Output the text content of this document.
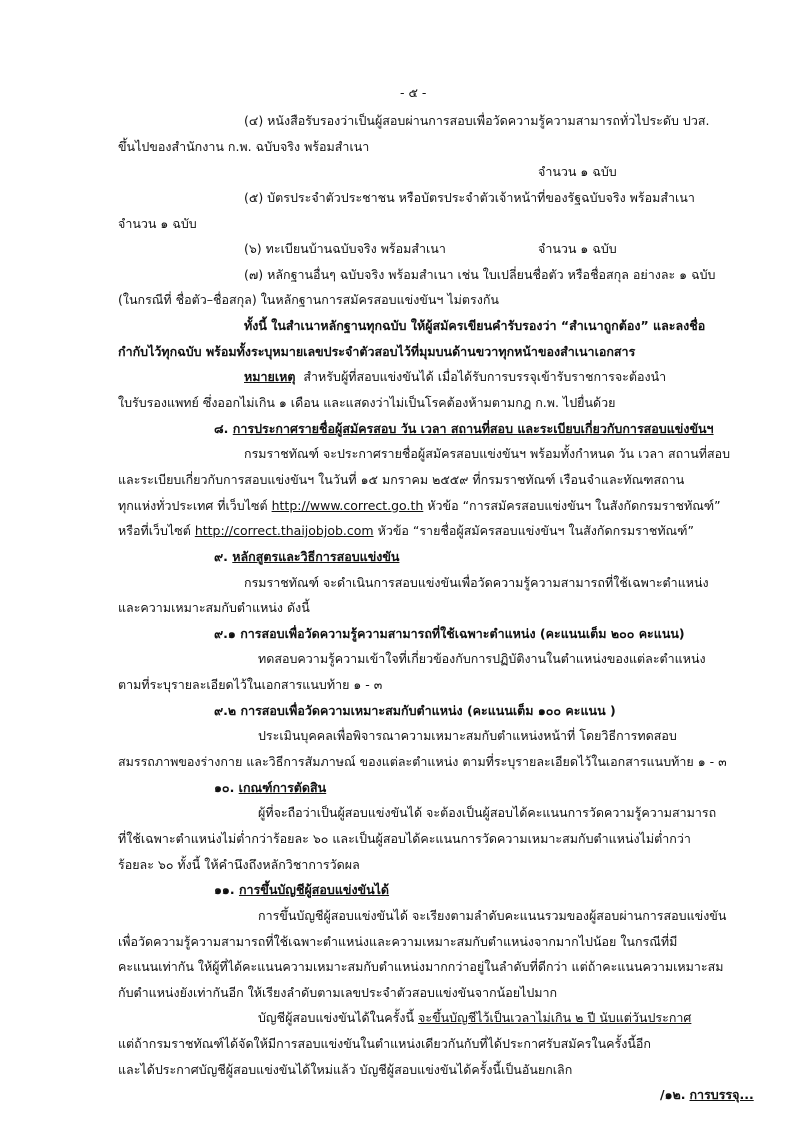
- ๕ -
(๔) หนังสือรับรองว่าเป็นผู้สอบผ่านการสอบเพื่อวัดความรู้ความสามารถทั่วไประดับ ปวส.
ขึ้นไปของสำนักงาน ก.พ. ฉบับจริง พร้อมสำเนา
จำนวน ๑ ฉบับ
(๕) บัตรประจำตัวประชาชน หรือบัตรประจำตัวเจ้าหน้าที่ของรัฐฉบับจริง พร้อมสำเนา
จำนวน ๑ ฉบับ
(๖) ทะเบียนบ้านฉบับจริง พร้อมสำเนา	จำนวน ๑ ฉบับ
(๗) หลักฐานอื่นๆ ฉบับจริง พร้อมสำเนา เช่น ใบเปลี่ยนชื่อตัว หรือชื่อสกุล อย่างละ ๑ ฉบับ
(ในกรณีที่ ชื่อตัว–ชื่อสกุล) ในหลักฐานการสมัครสอบแข่งขันฯ ไม่ตรงกัน
ทั้งนี้ ในสำเนาหลักฐานทุกฉบับ ให้ผู้สมัครเขียนคำรับรองว่า “สำเนาถูกต้อง” และลงชื่อ
กำกับไว้ทุกฉบับ พร้อมทั้งระบุหมายเลขประจำตัวสอบไว้ที่มุมบนด้านขวาทุกหน้าของสำเนาเอกสาร
หมายเหตุ สำหรับผู้ที่สอบแข่งขันได้ เมื่อได้รับการบรรจุเข้ารับราชการจะต้องนำ
ใบรับรองแพทย์ ซึ่งออกไม่เกิน ๑ เดือน และแสดงว่าไม่เป็นโรคต้องห้ามตามกฎ ก.พ. ไปยื่นด้วย
๘. การประกาศรายชื่อผู้สมัครสอบ วัน เวลา สถานที่สอบ และระเบียบเกี่ยวกับการสอบแข่งขันฯ
กรมราชทัณฑ์ จะประกาศรายชื่อผู้สมัครสอบแข่งขันฯ พร้อมทั้งกำหนด วัน เวลา สถานที่สอบ
และระเบียบเกี่ยวกับการสอบแข่งขันฯ ในวันที่ ๑๕ มกราคม ๒๕๕๙ ที่กรมราชทัณฑ์ เรือนจำและทัณฑสถาน
ทุกแห่งทั่วประเทศ ที่เว็บไซต์ http://www.correct.go.th หัวข้อ “การสมัครสอบแข่งขันฯ ในสังกัดกรมราชทัณฑ์”
หรือที่เว็บไซต์ http://correct.thaijobjob.com หัวข้อ “รายชื่อผู้สมัครสอบแข่งขันฯ ในสังกัดกรมราชทัณฑ์”
๙. หลักสูตรและวิธีการสอบแข่งขัน
กรมราชทัณฑ์ จะดำเนินการสอบแข่งขันเพื่อวัดความรู้ความสามารถที่ใช้เฉพาะตำแหน่ง
และความเหมาะสมกับตำแหน่ง ดังนี้
๙.๑ การสอบเพื่อวัดความรู้ความสามารถที่ใช้เฉพาะตำแหน่ง (คะแนนเต็ม ๒๐๐ คะแนน)
ทดสอบความรู้ความเข้าใจที่เกี่ยวข้องกับการปฏิบัติงานในตำแหน่งของแต่ละตำแหน่ง
ตามที่ระบุรายละเอียดไว้ในเอกสารแนบท้าย ๑ - ๓
๙.๒ การสอบเพื่อวัดความเหมาะสมกับตำแหน่ง (คะแนนเต็ม ๑๐๐ คะแนน )
ประเมินบุคคลเพื่อพิจารณาความเหมาะสมกับตำแหน่งหน้าที่ โดยวิธีการทดสอบ
สมรรถภาพของร่างกาย และวิธีการสัมภาษณ์ ของแต่ละตำแหน่ง ตามที่ระบุรายละเอียดไว้ในเอกสารแนบท้าย ๑ - ๓
๑๐. เกณฑ์การตัดสิน
ผู้ที่จะถือว่าเป็นผู้สอบแข่งขันได้ จะต้องเป็นผู้สอบได้คะแนนการวัดความรู้ความสามารถ
ที่ใช้เฉพาะตำแหน่งไม่ต่ำกว่าร้อยละ ๖๐ และเป็นผู้สอบได้คะแนนการวัดความเหมาะสมกับตำแหน่งไม่ต่ำกว่า
ร้อยละ ๖๐ ทั้งนี้ ให้คำนึงถึงหลักวิชาการวัดผล
๑๑. การขึ้นบัญชีผู้สอบแข่งขันได้
การขึ้นบัญชีผู้สอบแข่งขันได้ จะเรียงตามลำดับคะแนนรวมของผู้สอบผ่านการสอบแข่งขัน
เพื่อวัดความรู้ความสามารถที่ใช้เฉพาะตำแหน่งและความเหมาะสมกับตำแหน่งจากมากไปน้อย ในกรณีที่มี
คะแนนเท่ากัน ให้ผู้ที่ได้คะแนนความเหมาะสมกับตำแหน่งมากกว่าอยู่ในลำดับที่ดีกว่า แต่ถ้าคะแนนความเหมาะสม
กับตำแหน่งยังเท่ากันอีก ให้เรียงลำดับตามเลขประจำตัวสอบแข่งขันจากน้อยไปมาก
บัญชีผู้สอบแข่งขันได้ในครั้งนี้ จะขึ้นบัญชีไว้เป็นเวลาไม่เกิน ๒ ปี นับแต่วันประกาศ
แต่ถ้ากรมราชทัณฑ์ได้จัดให้มีการสอบแข่งขันในตำแหน่งเดียวกันกับที่ได้ประกาศรับสมัครในครั้งนี้อีก
และได้ประกาศบัญชีผู้สอบแข่งขันได้ใหม่แล้ว บัญชีผู้สอบแข่งขันได้ครั้งนี้เป็นอันยกเลิก
/๑๒. การบรรจุ...
